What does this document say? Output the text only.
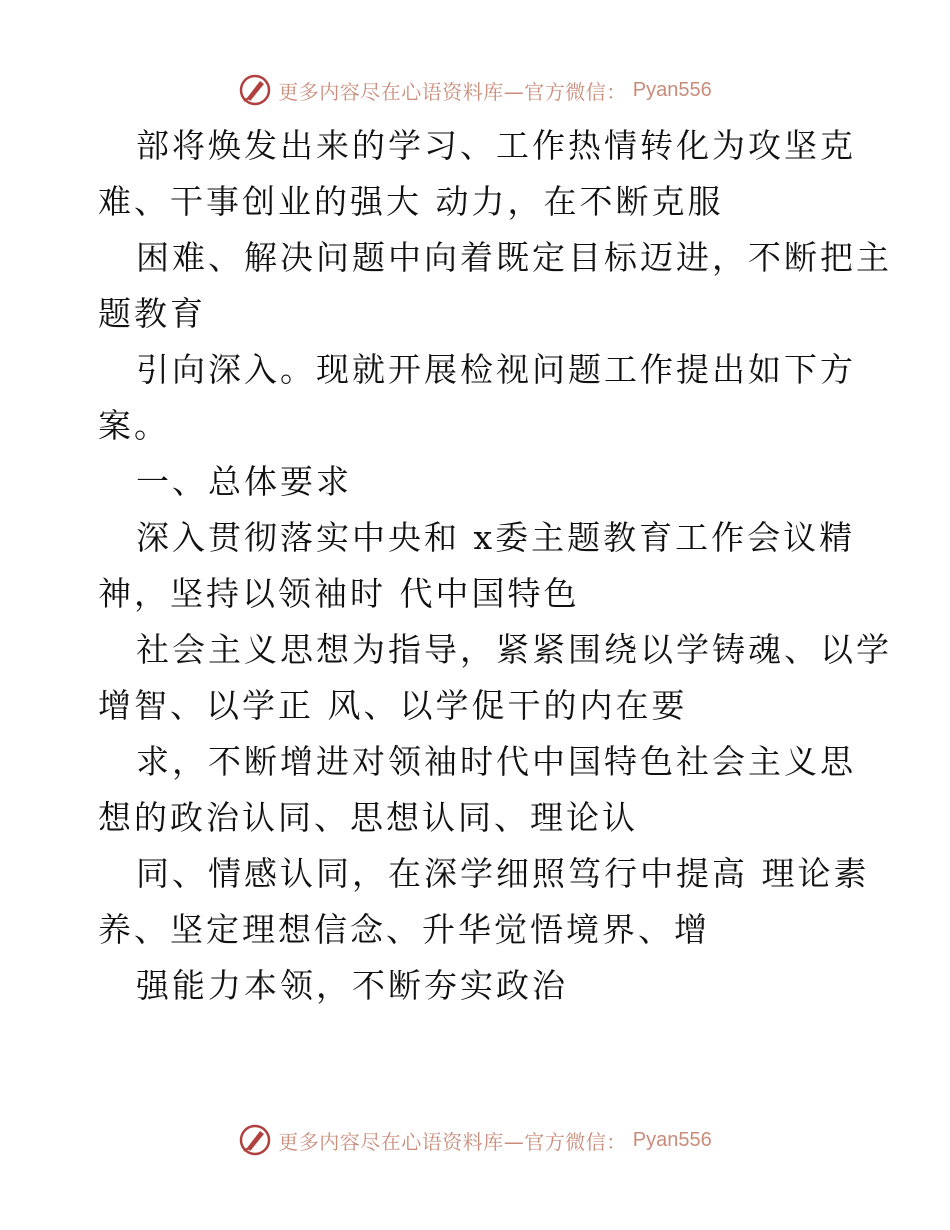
更多内容尽在心语资料库—官方微信： Pyan556
部将焕发出来的学习、工作热情转化为攻坚克
难、干事创业的强大 动力，在不断克服
困难、解决问题中向着既定目标迈进，不断把主
题教育
引向深入。现就开展检视问题工作提出如下方
案。
一、总体要求
深入贯彻落实中央和 x委主题教育工作会议精
神，坚持以领袖时 代中国特色
社会主义思想为指导，紧紧围绕以学铸魂、以学
增智、以学正 风、以学促干的内在要
求，不断增进对领袖时代中国特色社会主义思
想的政治认同、思想认同、理论认
同、情感认同，在深学细照笃行中提高 理论素
养、坚定理想信念、升华觉悟境界、增
强能力本领，不断夯实政治
更多内容尽在心语资料库—官方微信： Pyan556
